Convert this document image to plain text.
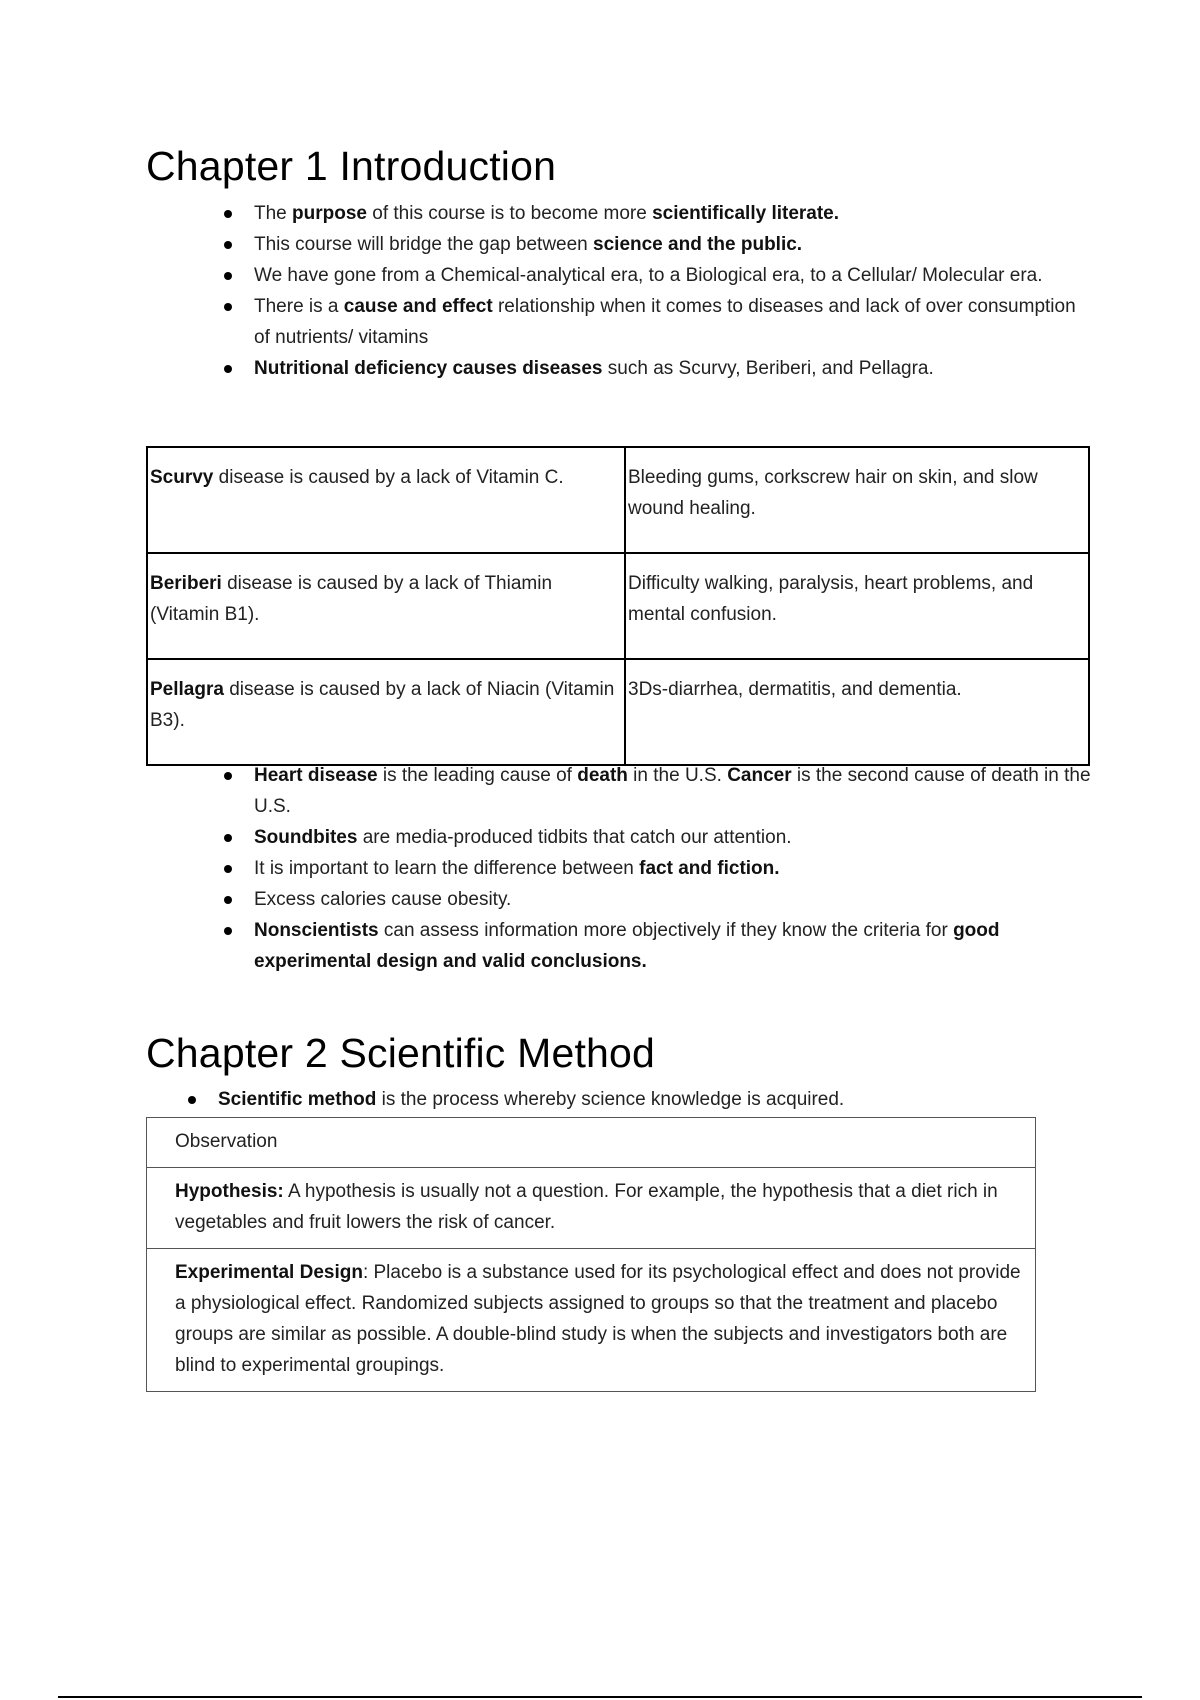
Chapter 1 Introduction
The purpose of this course is to become more scientifically literate.
This course will bridge the gap between science and the public.
We have gone from a Chemical-analytical era, to a Biological era, to a Cellular/ Molecular era.
There is a cause and effect relationship when it comes to diseases and lack of over consumption of nutrients/ vitamins
Nutritional deficiency causes diseases such as Scurvy, Beriberi, and Pellagra.
Scurvy disease is caused by a lack of Vitamin C.	Bleeding gums, corkscrew hair on skin, and slow wound healing.
Beriberi disease is caused by a lack of Thiamin (Vitamin B1).	Difficulty walking, paralysis, heart problems, and mental confusion.
Pellagra disease is caused by a lack of Niacin (Vitamin B3).	3Ds-diarrhea, dermatitis, and dementia.
Heart disease is the leading cause of death in the U.S. Cancer is the second cause of death in the U.S.
Soundbites are media-produced tidbits that catch our attention.
It is important to learn the difference between fact and fiction.
Excess calories cause obesity.
Nonscientists can assess information more objectively if they know the criteria for good experimental design and valid conclusions.
Chapter 2 Scientific Method
Scientific method is the process whereby science knowledge is acquired.
Observation
Hypothesis: A hypothesis is usually not a question. For example, the hypothesis that a diet rich in vegetables and fruit lowers the risk of cancer.
Experimental Design: Placebo is a substance used for its psychological effect and does not provide a physiological effect. Randomized subjects assigned to groups so that the treatment and placebo groups are similar as possible. A double-blind study is when the subjects and investigators both are blind to experimental groupings.
